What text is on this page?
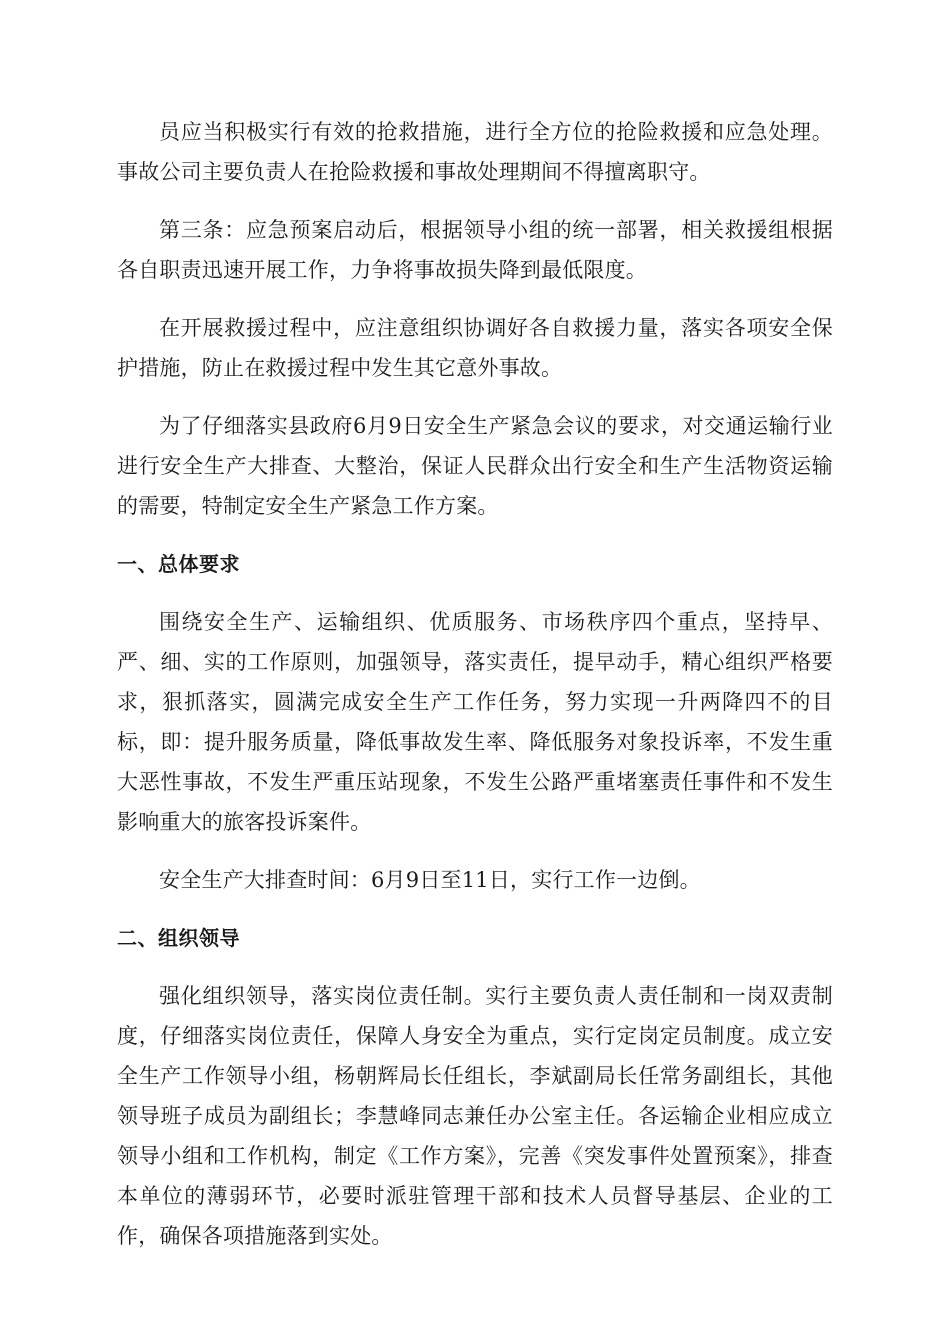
员应当积极实行有效的抢救措施，进行全方位的抢险救援和应急处理。事故公司主要负责人在抢险救援和事故处理期间不得擅离职守。

第三条：应急预案启动后，根据领导小组的统一部署，相关救援组根据各自职责迅速开展工作，力争将事故损失降到最低限度。

在开展救援过程中，应注意组织协调好各自救援力量，落实各项安全保护措施，防止在救援过程中发生其它意外事故。

为了仔细落实县政府6月9日安全生产紧急会议的要求，对交通运输行业进行安全生产大排查、大整治，保证人民群众出行安全和生产生活物资运输的需要，特制定安全生产紧急工作方案。

一、总体要求

围绕安全生产、运输组织、优质服务、市场秩序四个重点，坚持早、严、细、实的工作原则，加强领导，落实责任，提早动手，精心组织严格要求，狠抓落实，圆满完成安全生产工作任务，努力实现一升两降四不的目标，即：提升服务质量，降低事故发生率、降低服务对象投诉率，不发生重大恶性事故，不发生严重压站现象，不发生公路严重堵塞责任事件和不发生影响重大的旅客投诉案件。

安全生产大排查时间：6月9日至11日，实行工作一边倒。

二、组织领导

强化组织领导，落实岗位责任制。实行主要负责人责任制和一岗双责制度，仔细落实岗位责任，保障人身安全为重点，实行定岗定员制度。成立安全生产工作领导小组，杨朝辉局长任组长，李斌副局长任常务副组长，其他领导班子成员为副组长；李慧峰同志兼任办公室主任。各运输企业相应成立领导小组和工作机构，制定《工作方案》，完善《突发事件处置预案》，排查本单位的薄弱环节，必要时派驻管理干部和技术人员督导基层、企业的工作，确保各项措施落到实处。
